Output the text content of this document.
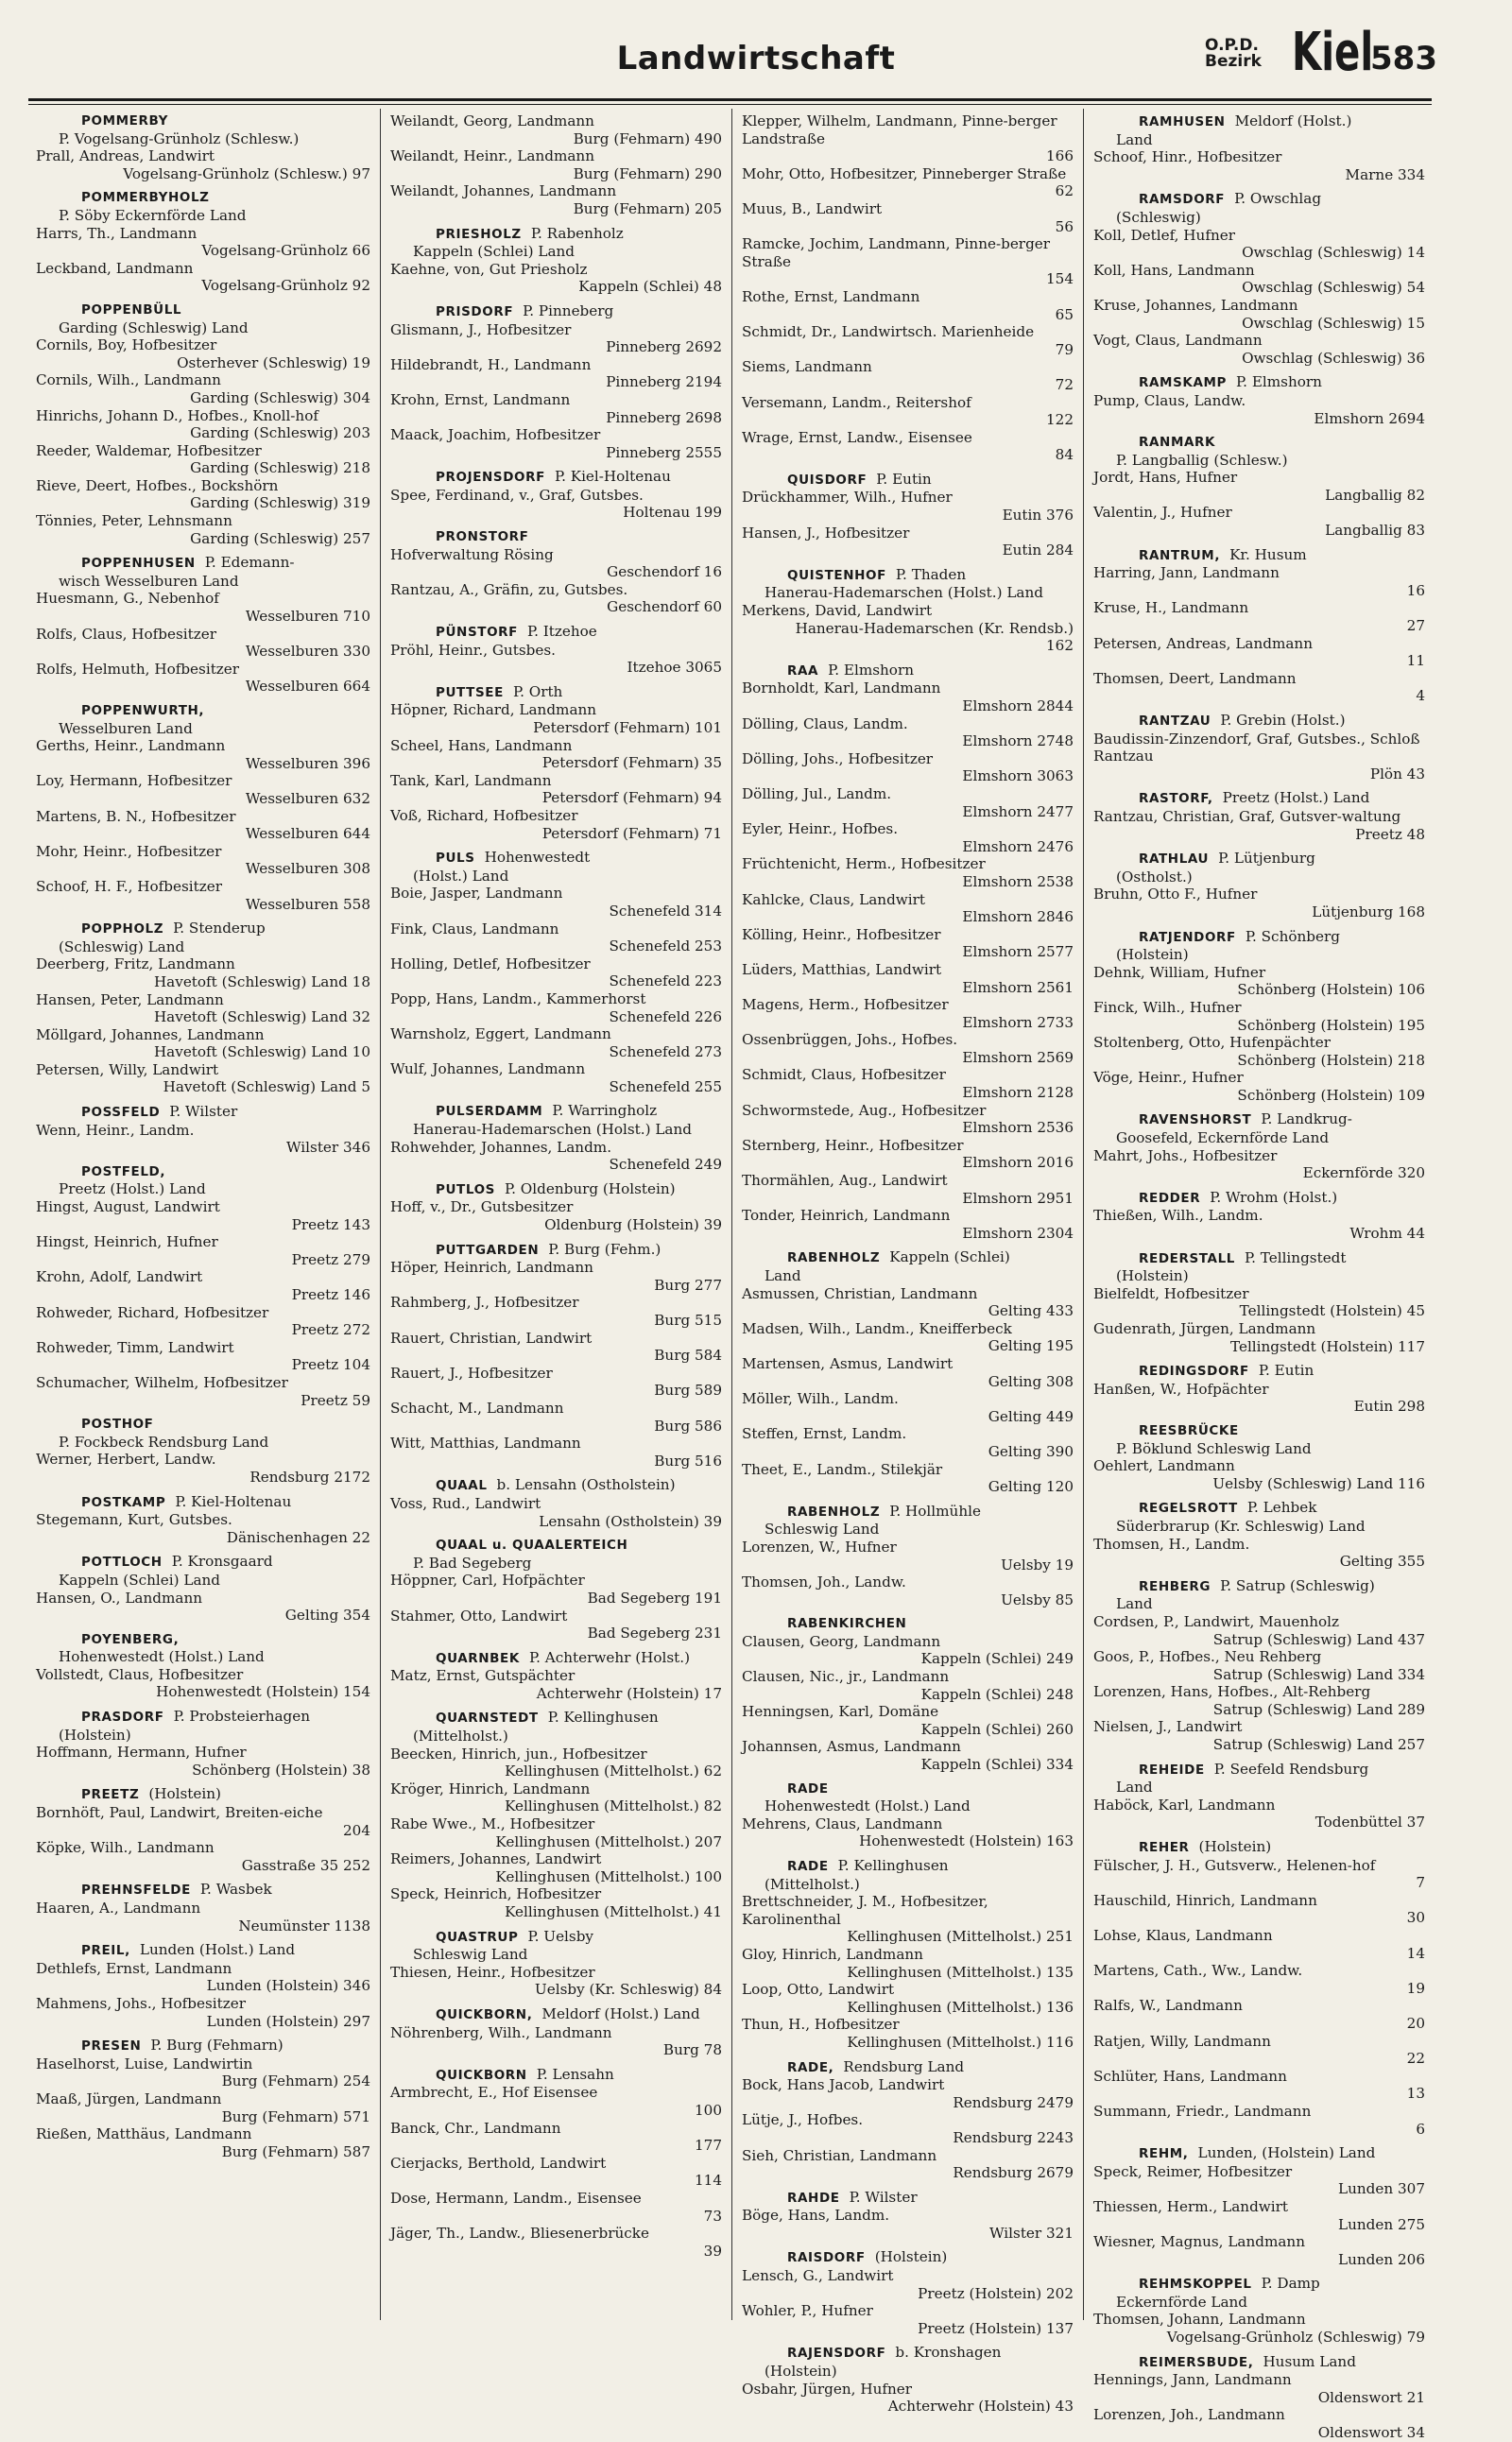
Landwirtschaft	O.P.D.
Bezirk Kiel
583
POMMERBY
P. Vogelsang-Grünholz (Schlesw.)
Prall, Andreas, Landwirt
Vogelsang-Grünholz (Schlesw.) 97
POMMERBYHOLZ
P. Söby Eckernförde Land
Harrs, Th., Landmann
Vogelsang-Grünholz 66
Leckband, Landmann
Vogelsang-Grünholz 92
POPPENBÜLL
Garding (Schleswig) Land
Cornils, Boy, Hofbesitzer
Osterhever (Schleswig) 19
Cornils, Wilh., Landmann
Garding (Schleswig) 304
Hinrichs, Johann D., Hofbes., Knoll-hof
Garding (Schleswig) 203
Reeder, Waldemar, Hofbesitzer
Garding (Schleswig) 218
Rieve, Deert, Hofbes., Bockshörn
Garding (Schleswig) 319
Tönnies, Peter, Lehnsmann
Garding (Schleswig) 257
POPPENHUSEN P. Edemann-
wisch Wesselburen Land
Huesmann, G., Nebenhof
Wesselburen 710
Rolfs, Claus, Hofbesitzer
Wesselburen 330
Rolfs, Helmuth, Hofbesitzer
Wesselburen 664
POPPENWURTH,
Wesselburen Land
Gerths, Heinr., Landmann
Wesselburen 396
Loy, Hermann, Hofbesitzer
Wesselburen 632
Martens, B. N., Hofbesitzer
Wesselburen 644
Mohr, Heinr., Hofbesitzer
Wesselburen 308
Schoof, H. F., Hofbesitzer
Wesselburen 558
POPPHOLZ P. Stenderup
(Schleswig) Land
Deerberg, Fritz, Landmann
Havetoft (Schleswig) Land 18
Hansen, Peter, Landmann
Havetoft (Schleswig) Land 32
Möllgard, Johannes, Landmann
Havetoft (Schleswig) Land 10
Petersen, Willy, Landwirt
Havetoft (Schleswig) Land 5
POSSFELD P. Wilster
Wenn, Heinr., Landm.
Wilster 346
POSTFELD,
Preetz (Holst.) Land
Hingst, August, Landwirt
Preetz 143
Hingst, Heinrich, Hufner
Preetz 279
Krohn, Adolf, Landwirt
Preetz 146
Rohweder, Richard, Hofbesitzer
Preetz 272
Rohweder, Timm, Landwirt
Preetz 104
Schumacher, Wilhelm, Hofbesitzer
Preetz 59
POSTHOF
P. Fockbeck Rendsburg Land
Werner, Herbert, Landw.
Rendsburg 2172
POSTKAMP P. Kiel-Holtenau
Stegemann, Kurt, Gutsbes.
Dänischenhagen 22
POTTLOCH P. Kronsgaard
Kappeln (Schlei) Land
Hansen, O., Landmann
Gelting 354
POYENBERG,
Hohenwestedt (Holst.) Land
Vollstedt, Claus, Hofbesitzer
Hohenwestedt (Holstein) 154
PRASDORF P. Probsteierhagen
(Holstein)
Hoffmann, Hermann, Hufner
Schönberg (Holstein) 38
PREETZ (Holstein)
Bornhöft, Paul, Landwirt, Breiten-eiche
204
Köpke, Wilh., Landmann
Gasstraße 35 252
PREHNSFELDE P. Wasbek
Haaren, A., Landmann
Neumünster 1138
PREIL, Lunden (Holst.) Land
Dethlefs, Ernst, Landmann
Lunden (Holstein) 346
Mahmens, Johs., Hofbesitzer
Lunden (Holstein) 297
PRESEN P. Burg (Fehmarn)
Haselhorst, Luise, Landwirtin
Burg (Fehmarn) 254
Maaß, Jürgen, Landmann
Burg (Fehmarn) 571
Rießen, Matthäus, Landmann
Burg (Fehmarn) 587
Weilandt, Georg, Landmann
Burg (Fehmarn) 490
Weilandt, Heinr., Landmann
Burg (Fehmarn) 290
Weilandt, Johannes, Landmann
Burg (Fehmarn) 205
PRIESHOLZ P. Rabenholz
Kappeln (Schlei) Land
Kaehne, von, Gut Priesholz
Kappeln (Schlei) 48
PRISDORF P. Pinneberg
Glismann, J., Hofbesitzer
Pinneberg 2692
Hildebrandt, H., Landmann
Pinneberg 2194
Krohn, Ernst, Landmann
Pinneberg 2698
Maack, Joachim, Hofbesitzer
Pinneberg 2555
PROJENSDORF P. Kiel-Holtenau
Spee, Ferdinand, v., Graf, Gutsbes.
Holtenau 199
PRONSTORF
Hofverwaltung Rösing
Geschendorf 16
Rantzau, A., Gräfin, zu, Gutsbes.
Geschendorf 60
PÜNSTORF P. Itzehoe
Pröhl, Heinr., Gutsbes.
Itzehoe 3065
PUTTSEE P. Orth
Höpner, Richard, Landmann
Petersdorf (Fehmarn) 101
Scheel, Hans, Landmann
Petersdorf (Fehmarn) 35
Tank, Karl, Landmann
Petersdorf (Fehmarn) 94
Voß, Richard, Hofbesitzer
Petersdorf (Fehmarn) 71
PULS Hohenwestedt
(Holst.) Land
Boie, Jasper, Landmann
Schenefeld 314
Fink, Claus, Landmann
Schenefeld 253
Holling, Detlef, Hofbesitzer
Schenefeld 223
Popp, Hans, Landm., Kammerhorst
Schenefeld 226
Warnsholz, Eggert, Landmann
Schenefeld 273
Wulf, Johannes, Landmann
Schenefeld 255
PULSERDAMM P. Warringholz
Hanerau-Hademarschen (Holst.) Land
Rohwehder, Johannes, Landm.
Schenefeld 249
PUTLOS P. Oldenburg (Holstein)
Hoff, v., Dr., Gutsbesitzer
Oldenburg (Holstein) 39
PUTTGARDEN P. Burg (Fehm.)
Höper, Heinrich, Landmann
Burg 277
Rahmberg, J., Hofbesitzer
Burg 515
Rauert, Christian, Landwirt
Burg 584
Rauert, J., Hofbesitzer
Burg 589
Schacht, M., Landmann
Burg 586
Witt, Matthias, Landmann
Burg 516
QUAAL b. Lensahn (Ostholstein)
Voss, Rud., Landwirt
Lensahn (Ostholstein) 39
QUAAL u. QUAALERTEICH
P. Bad Segeberg
Höppner, Carl, Hofpächter
Bad Segeberg 191
Stahmer, Otto, Landwirt
Bad Segeberg 231
QUARNBEK P. Achterwehr (Holst.)
Matz, Ernst, Gutspächter
Achterwehr (Holstein) 17
QUARNSTEDT P. Kellinghusen
(Mittelholst.)
Beecken, Hinrich, jun., Hofbesitzer
Kellinghusen (Mittelholst.) 62
Kröger, Hinrich, Landmann
Kellinghusen (Mittelholst.) 82
Rabe Wwe., M., Hofbesitzer
Kellinghusen (Mittelholst.) 207
Reimers, Johannes, Landwirt
Kellinghusen (Mittelholst.) 100
Speck, Heinrich, Hofbesitzer
Kellinghusen (Mittelholst.) 41
QUASTRUP P. Uelsby
Schleswig Land
Thiesen, Heinr., Hofbesitzer
Uelsby (Kr. Schleswig) 84
QUICKBORN, Meldorf (Holst.) Land
Nöhrenberg, Wilh., Landmann
Burg 78
QUICKBORN P. Lensahn
Armbrecht, E., Hof Eisensee
100
Banck, Chr., Landmann
177
Cierjacks, Berthold, Landwirt
114
Dose, Hermann, Landm., Eisensee
73
Jäger, Th., Landw., Bliesenerbrücke
39
Klepper, Wilhelm, Landmann, Pinne-berger Landstraße
166
Mohr, Otto, Hofbesitzer, Pinneberger Straße
62
Muus, B., Landwirt
56
Ramcke, Jochim, Landmann, Pinne-berger Straße
154
Rothe, Ernst, Landmann
65
Schmidt, Dr., Landwirtsch. Marienheide
79
Siems, Landmann
72
Versemann, Landm., Reitershof
122
Wrage, Ernst, Landw., Eisensee
84
QUISDORF P. Eutin
Drückhammer, Wilh., Hufner
Eutin 376
Hansen, J., Hofbesitzer
Eutin 284
QUISTENHOF P. Thaden
Hanerau-Hademarschen (Holst.) Land
Merkens, David, Landwirt
Hanerau-Hademarschen (Kr. Rendsb.) 162
RAA P. Elmshorn
Bornholdt, Karl, Landmann
Elmshorn 2844
Dölling, Claus, Landm.
Elmshorn 2748
Dölling, Johs., Hofbesitzer
Elmshorn 3063
Dölling, Jul., Landm.
Elmshorn 2477
Eyler, Heinr., Hofbes.
Elmshorn 2476
Früchtenicht, Herm., Hofbesitzer
Elmshorn 2538
Kahlcke, Claus, Landwirt
Elmshorn 2846
Kölling, Heinr., Hofbesitzer
Elmshorn 2577
Lüders, Matthias, Landwirt
Elmshorn 2561
Magens, Herm., Hofbesitzer
Elmshorn 2733
Ossenbrüggen, Johs., Hofbes.
Elmshorn 2569
Schmidt, Claus, Hofbesitzer
Elmshorn 2128
Schwormstede, Aug., Hofbesitzer
Elmshorn 2536
Sternberg, Heinr., Hofbesitzer
Elmshorn 2016
Thormählen, Aug., Landwirt
Elmshorn 2951
Tonder, Heinrich, Landmann
Elmshorn 2304
RABENHOLZ Kappeln (Schlei)
Land
Asmussen, Christian, Landmann
Gelting 433
Madsen, Wilh., Landm., Kneifferbeck
Gelting 195
Martensen, Asmus, Landwirt
Gelting 308
Möller, Wilh., Landm.
Gelting 449
Steffen, Ernst, Landm.
Gelting 390
Theet, E., Landm., Stilekjär
Gelting 120
RABENHOLZ P. Hollmühle
Schleswig Land
Lorenzen, W., Hufner
Uelsby 19
Thomsen, Joh., Landw.
Uelsby 85
RABENKIRCHEN
Clausen, Georg, Landmann
Kappeln (Schlei) 249
Clausen, Nic., jr., Landmann
Kappeln (Schlei) 248
Henningsen, Karl, Domäne
Kappeln (Schlei) 260
Johannsen, Asmus, Landmann
Kappeln (Schlei) 334
RADE
Hohenwestedt (Holst.) Land
Mehrens, Claus, Landmann
Hohenwestedt (Holstein) 163
RADE P. Kellinghusen
(Mittelholst.)
Brettschneider, J. M., Hofbesitzer, Karolinenthal
Kellinghusen (Mittelholst.) 251
Gloy, Hinrich, Landmann
Kellinghusen (Mittelholst.) 135
Loop, Otto, Landwirt
Kellinghusen (Mittelholst.) 136
Thun, H., Hofbesitzer
Kellinghusen (Mittelholst.) 116
RADE, Rendsburg Land
Bock, Hans Jacob, Landwirt
Rendsburg 2479
Lütje, J., Hofbes.
Rendsburg 2243
Sieh, Christian, Landmann
Rendsburg 2679
RAHDE P. Wilster
Böge, Hans, Landm.
Wilster 321
RAISDORF (Holstein)
Lensch, G., Landwirt
Preetz (Holstein) 202
Wohler, P., Hufner
Preetz (Holstein) 137
RAJENSDORF b. Kronshagen
(Holstein)
Osbahr, Jürgen, Hufner
Achterwehr (Holstein) 43
RAMHUSEN Meldorf (Holst.)
Land
Schoof, Hinr., Hofbesitzer
Marne 334
RAMSDORF P. Owschlag
(Schleswig)
Koll, Detlef, Hufner
Owschlag (Schleswig) 14
Koll, Hans, Landmann
Owschlag (Schleswig) 54
Kruse, Johannes, Landmann
Owschlag (Schleswig) 15
Vogt, Claus, Landmann
Owschlag (Schleswig) 36
RAMSKAMP P. Elmshorn
Pump, Claus, Landw.
Elmshorn 2694
RANMARK
P. Langballig (Schlesw.)
Jordt, Hans, Hufner
Langballig 82
Valentin, J., Hufner
Langballig 83
RANTRUM, Kr. Husum
Harring, Jann, Landmann
16
Kruse, H., Landmann
27
Petersen, Andreas, Landmann
11
Thomsen, Deert, Landmann
4
RANTZAU P. Grebin (Holst.)
Baudissin-Zinzendorf, Graf, Gutsbes., Schloß Rantzau
Plön 43
RASTORF, Preetz (Holst.) Land
Rantzau, Christian, Graf, Gutsver-waltung
Preetz 48
RATHLAU P. Lütjenburg
(Ostholst.)
Bruhn, Otto F., Hufner
Lütjenburg 168
RATJENDORF P. Schönberg
(Holstein)
Dehnk, William, Hufner
Schönberg (Holstein) 106
Finck, Wilh., Hufner
Schönberg (Holstein) 195
Stoltenberg, Otto, Hufenpächter
Schönberg (Holstein) 218
Vöge, Heinr., Hufner
Schönberg (Holstein) 109
RAVENSHORST P. Landkrug-
Goosefeld, Eckernförde Land
Mahrt, Johs., Hofbesitzer
Eckernförde 320
REDDER P. Wrohm (Holst.)
Thießen, Wilh., Landm.
Wrohm 44
REDERSTALL P. Tellingstedt
(Holstein)
Bielfeldt, Hofbesitzer
Tellingstedt (Holstein) 45
Gudenrath, Jürgen, Landmann
Tellingstedt (Holstein) 117
REDINGSDORF P. Eutin
Hanßen, W., Hofpächter
Eutin 298
REESBRÜCKE
P. Böklund Schleswig Land
Oehlert, Landmann
Uelsby (Schleswig) Land 116
REGELSROTT P. Lehbek
Süderbrarup (Kr. Schleswig) Land
Thomsen, H., Landm.
Gelting 355
REHBERG P. Satrup (Schleswig)
Land
Cordsen, P., Landwirt, Mauenholz
Satrup (Schleswig) Land 437
Goos, P., Hofbes., Neu Rehberg
Satrup (Schleswig) Land 334
Lorenzen, Hans, Hofbes., Alt-Rehberg
Satrup (Schleswig) Land 289
Nielsen, J., Landwirt
Satrup (Schleswig) Land 257
REHEIDE P. Seefeld Rendsburg
Land
Haböck, Karl, Landmann
Todenbüttel 37
REHER (Holstein)
Fülscher, J. H., Gutsverw., Helenen-hof
7
Hauschild, Hinrich, Landmann
30
Lohse, Klaus, Landmann
14
Martens, Cath., Ww., Landw.
19
Ralfs, W., Landmann
20
Ratjen, Willy, Landmann
22
Schlüter, Hans, Landmann
13
Summann, Friedr., Landmann
6
REHM, Lunden, (Holstein) Land
Speck, Reimer, Hofbesitzer
Lunden 307
Thiessen, Herm., Landwirt
Lunden 275
Wiesner, Magnus, Landmann
Lunden 206
REHMSKOPPEL P. Damp
Eckernförde Land
Thomsen, Johann, Landmann
Vogelsang-Grünholz (Schleswig) 79
REIMERSBUDE, Husum Land
Hennings, Jann, Landmann
Oldenswort 21
Lorenzen, Joh., Landmann
Oldenswort 34
